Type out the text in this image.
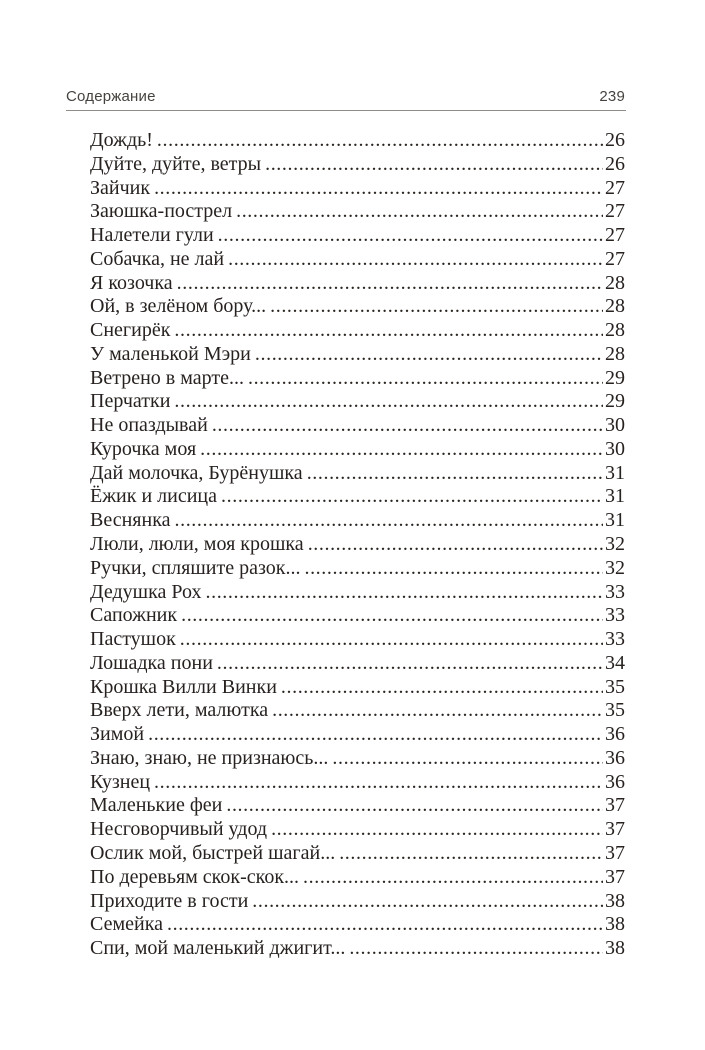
Содержание	239
Дождь! .....	26
Дуйте, дуйте, ветры .....	26
Зайчик .....	27
Заюшка-пострел .....	27
Налетели гули .....	27
Собачка, не лай .....	27
Я козочка .....	28
Ой, в зелёном бору... .....	28
Снегирёк .....	28
У маленькой Мэри .....	28
Ветрено в марте... .....	29
Перчатки .....	29
Не опаздывай .....	30
Курочка моя .....	30
Дай молочка, Бурёнушка .....	31
Ёжик и лисица .....	31
Веснянка .....	31
Люли, люли, моя крошка .....	32
Ручки, спляшите разок... .....	32
Дедушка Рох .....	33
Сапожник .....	33
Пастушок .....	33
Лошадка пони .....	34
Крошка Вилли Винки .....	35
Вверх лети, малютка .....	35
Зимой .....	36
Знаю, знаю, не признаюсь... .....	36
Кузнец .....	36
Маленькие феи .....	37
Несговорчивый удод .....	37
Ослик мой, быстрей шагай... .....	37
По деревьям скок-скок... .....	37
Приходите в гости .....	38
Семейка .....	38
Спи, мой маленький джигит... .....	38
